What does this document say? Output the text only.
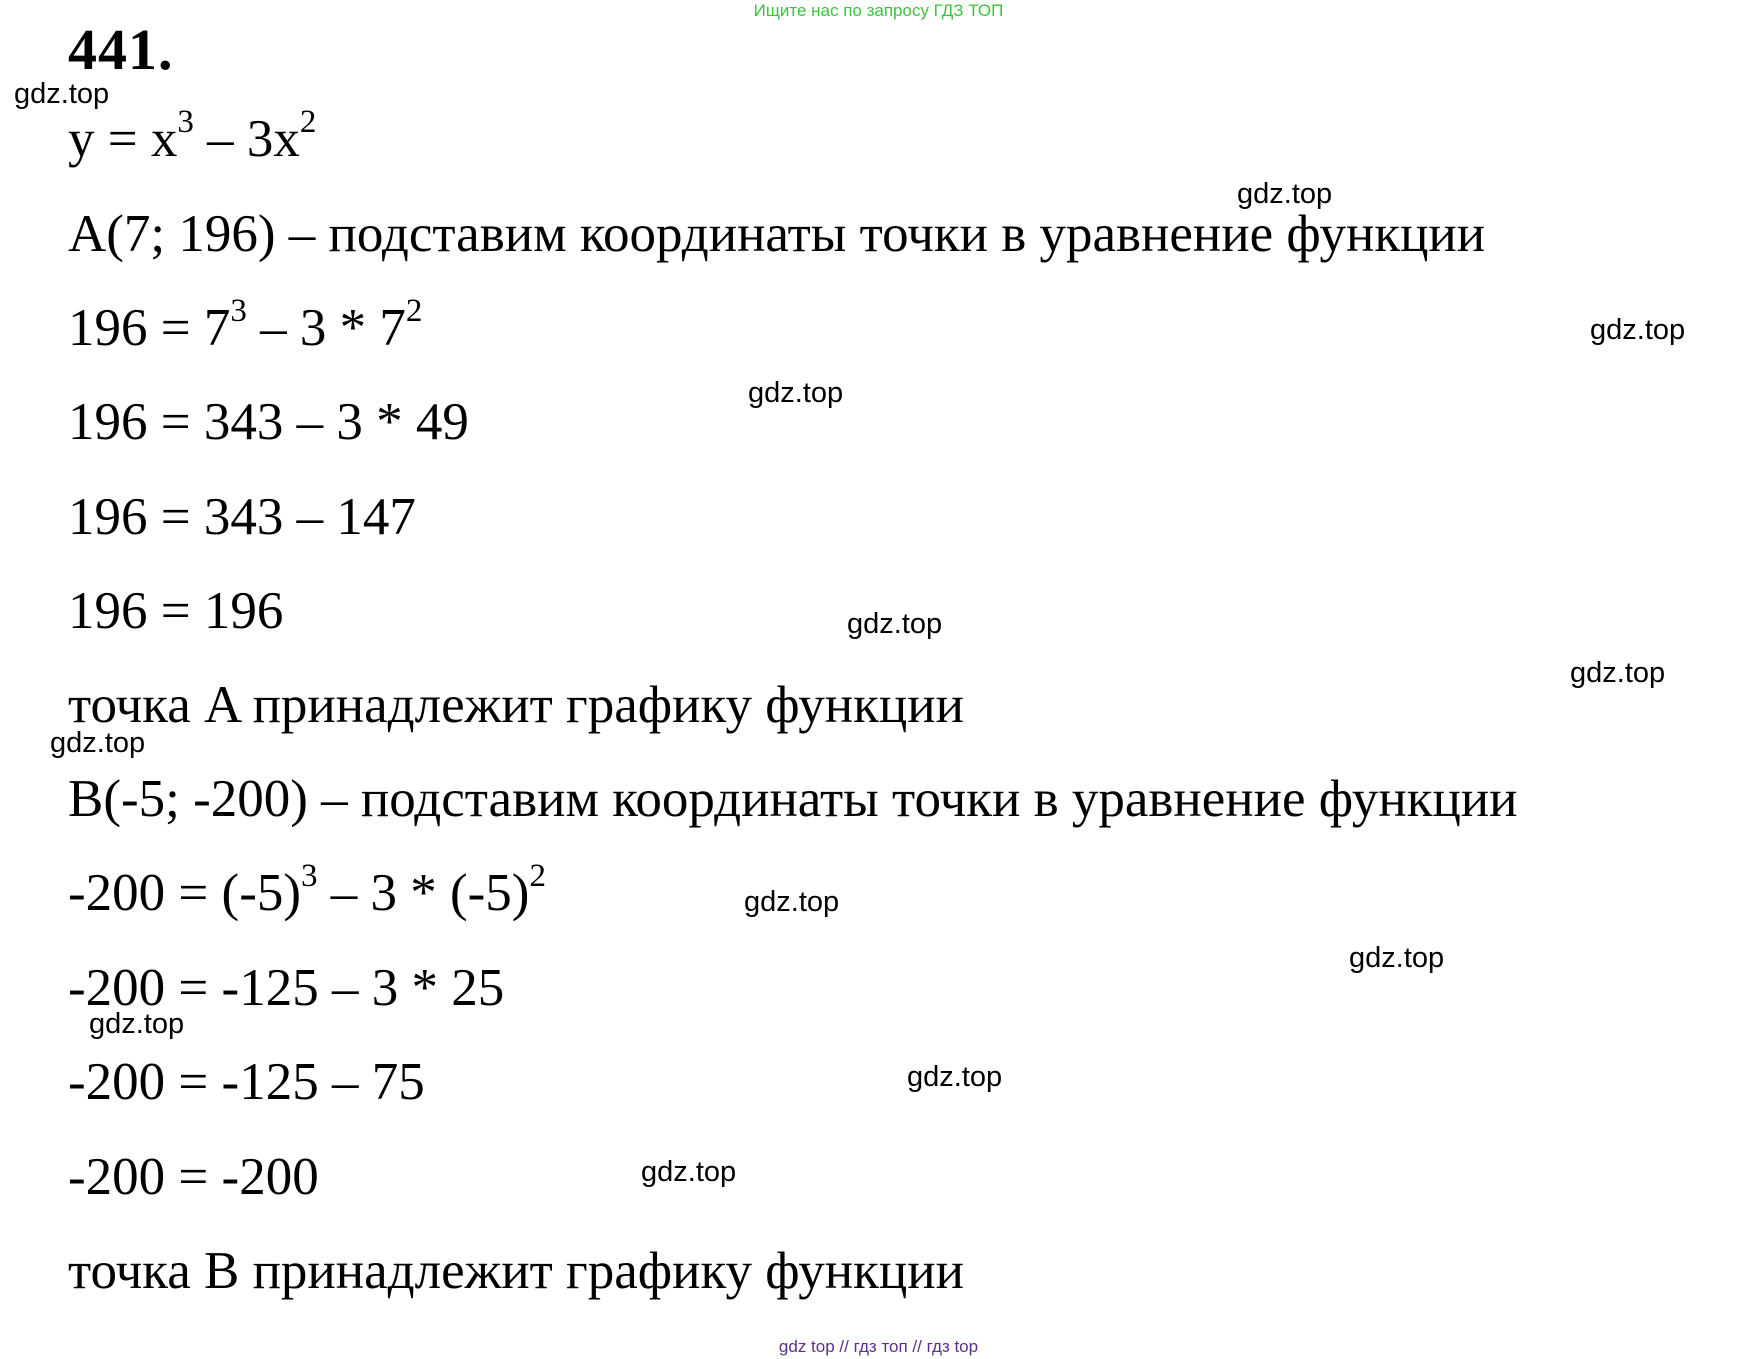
Ищите нас по запросу ГДЗ ТОП
441.
$y = x^3 - 3x^2$
A(7; 196) – подставим координаты точки в уравнение функции
$196 = 7^3 - 3 * 7^2$
196 = 343 – 3 * 49
196 = 343 – 147
196 = 196
точка A принадлежит графику функции
B(-5; -200) – подставим координаты точки в уравнение функции
$-200 = (-5)^3 - 3 * (-5)^2$
-200 = -125 – 3 * 25
-200 = -125 – 75
-200 = -200
точка B принадлежит графику функции
gdz.top
gdz.top
gdz.top
gdz.top
gdz.top
gdz.top
gdz.top
gdz.top
gdz.top
gdz.top
gdz.top
gdz.top
gdz top // гдз топ // гдз top
